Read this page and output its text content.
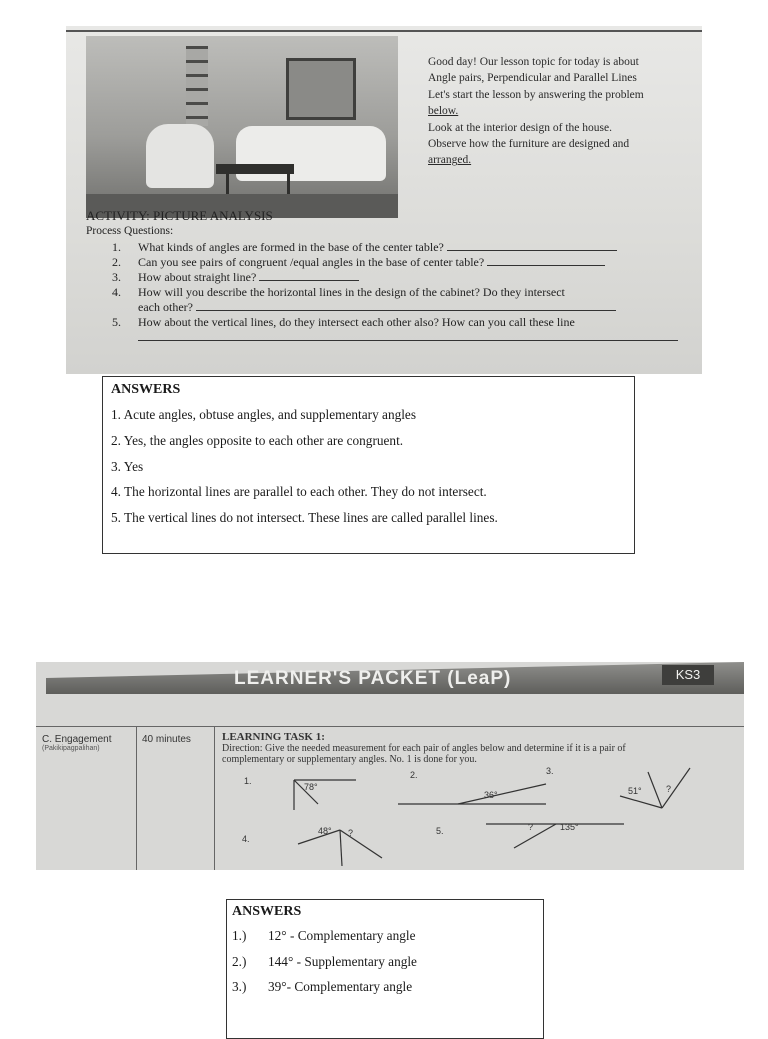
Good day! Our lesson topic for today is about

Angle pairs, Perpendicular and Parallel Lines

Let's start the lesson by answering the problem

below.

Look at the interior design of the house.

Observe how the furniture are designed and

arranged.

ACTIVITY: PICTURE ANALYSIS
Process Questions:
1. What kinds of angles are formed in the base of the center table?
2. Can you see pairs of congruent /equal angles in the base of center table?
3. How about straight line?
4. How will you describe the horizontal lines in the design of the cabinet? Do they intersect
each other?
5. How about the vertical lines, do they intersect each other also? How can you call these line
ANSWERS
1. Acute angles, obtuse angles, and supplementary angles
2. Yes, the angles opposite to each other are congruent.
3. Yes
4. The horizontal lines are parallel to each other. They do not intersect.
5. The vertical lines do not intersect. These lines are called parallel lines.
LEARNER'S PACKET (LeaP)	KS3
C. Engagement
(Pakikipagpalihan)
40 minutes	LEARNING TASK 1:

Direction: Give the needed measurement for each pair of angles below and determine if it is a pair of

complementary or supplementary angles. No. 1 is done for you.

1.
78°
2.
36°
3.
51°	?
4.
48° ?	5.	135°
?
ANSWERS
1.) 12° - Complementary angle
2.) 144° - Supplementary angle
3.) 39°- Complementary angle
